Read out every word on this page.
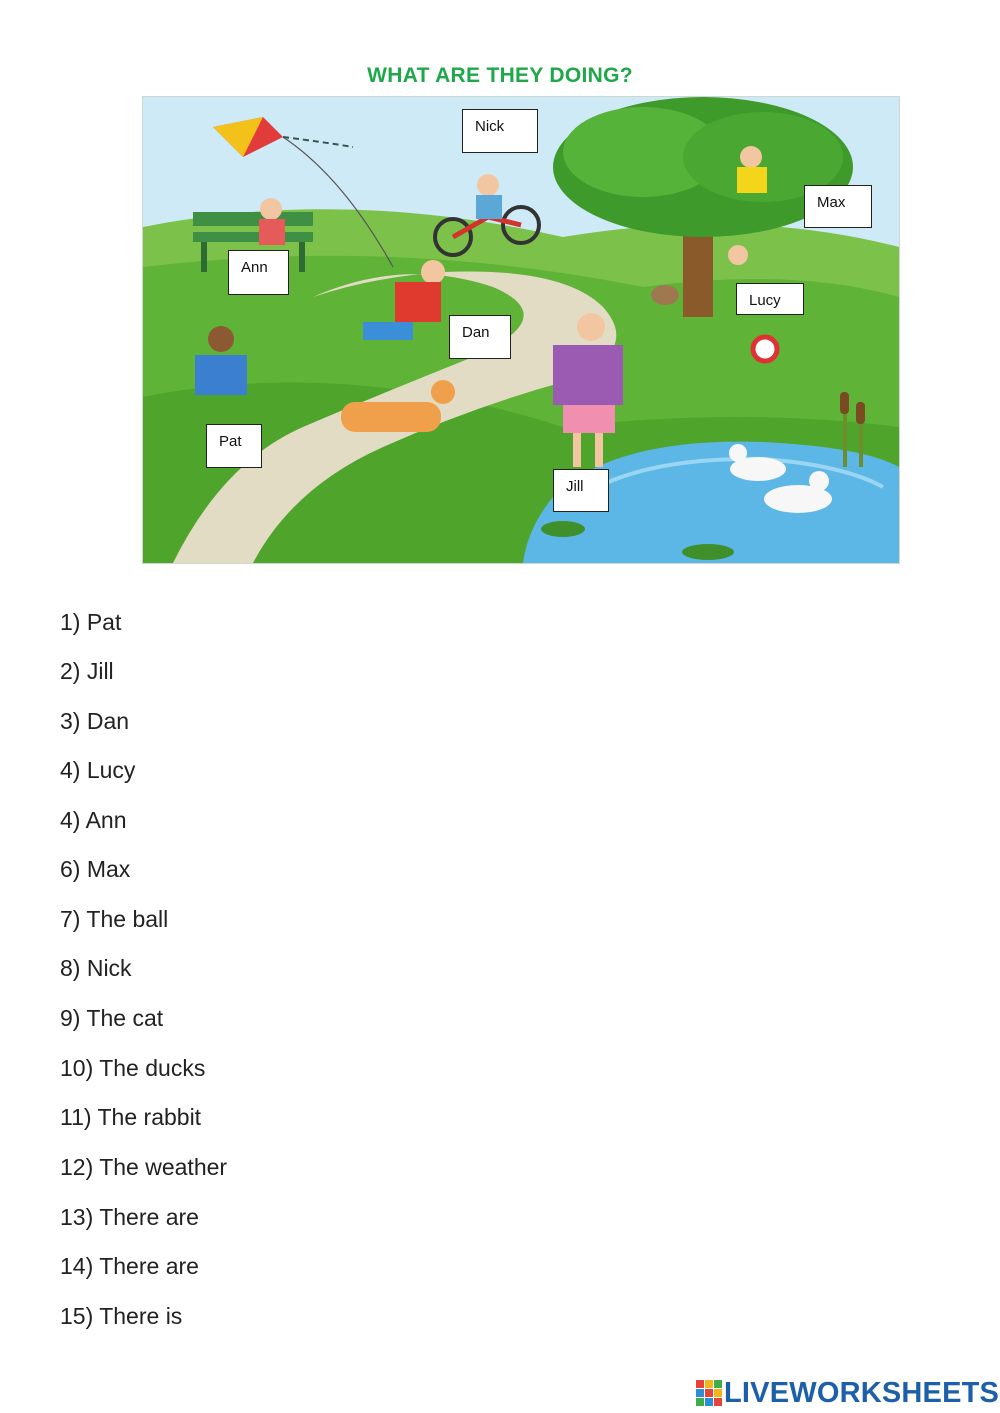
WHAT ARE THEY DOING?
Nick
Max
Ann
Lucy
Dan
Pat
Jill
1) Pat
2) Jill
3) Dan
4) Lucy
4) Ann
6) Max
7) The ball
8) Nick
9) The cat
10) The ducks
11) The rabbit
12) The weather
13) There are
14) There are
15) There is
LIVEWORKSHEETS
